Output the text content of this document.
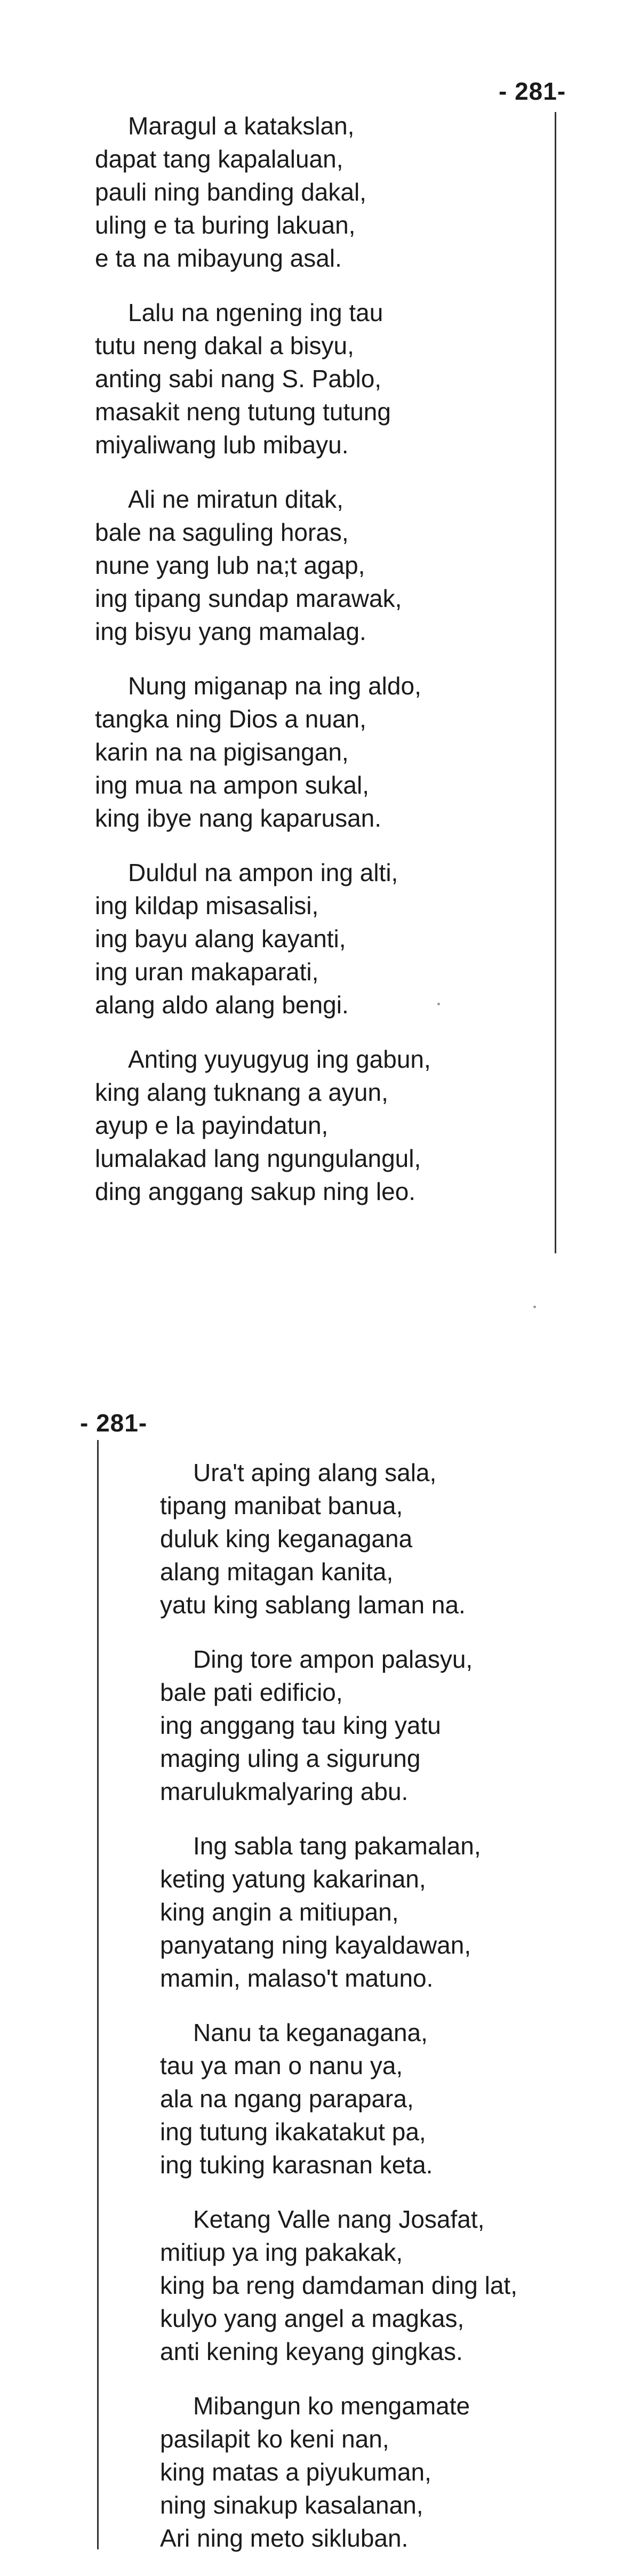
- 281-
Maragul a katakslan,
dapat tang kapalaluan,
pauli ning banding dakal,
uling e ta buring lakuan,
e ta na mibayung asal.
Lalu na ngening ing tau
tutu neng dakal a bisyu,
anting sabi nang S. Pablo,
masakit neng tutung tutung
miyaliwang lub mibayu.
Ali ne miratun ditak,
bale na saguling horas,
nune yang lub na;t agap,
ing tipang sundap marawak,
ing bisyu yang mamalag.
Nung miganap na ing aldo,
tangka ning Dios a nuan,
karin na na pigisangan,
ing mua na ampon sukal,
king ibye nang kaparusan.
Duldul na ampon ing alti,
ing kildap misasalisi,
ing bayu alang kayanti,
ing uran makaparati,
alang aldo alang bengi.
Anting yuyugyug ing gabun,
king alang tuknang a ayun,
ayup e la payindatun,
lumalakad lang ngungulangul,
ding anggang sakup ning leo.
- 281-
Ura't aping alang sala,
tipang manibat banua,
duluk king keganagana
alang mitagan kanita,
yatu king sablang laman na.
Ding tore ampon palasyu,
bale pati edificio,
ing anggang tau king yatu
maging uling a sigurung
marulukmalyaring abu.
Ing sabla tang pakamalan,
keting yatung kakarinan,
king angin a mitiupan,
panyatang ning kayaldawan,
mamin, malaso't matuno.
Nanu ta keganagana,
tau ya man o nanu ya,
ala na ngang parapara,
ing tutung ikakatakut pa,
ing tuking karasnan keta.
Ketang Valle nang Josafat,
mitiup ya ing pakakak,
king ba reng damdaman ding lat,
kulyo yang angel a magkas,
anti kening keyang gingkas.
Mibangun ko mengamate
pasilapit ko keni nan,
king matas a piyukuman,
ning sinakup kasalanan,
Ari ning meto sikluban.
